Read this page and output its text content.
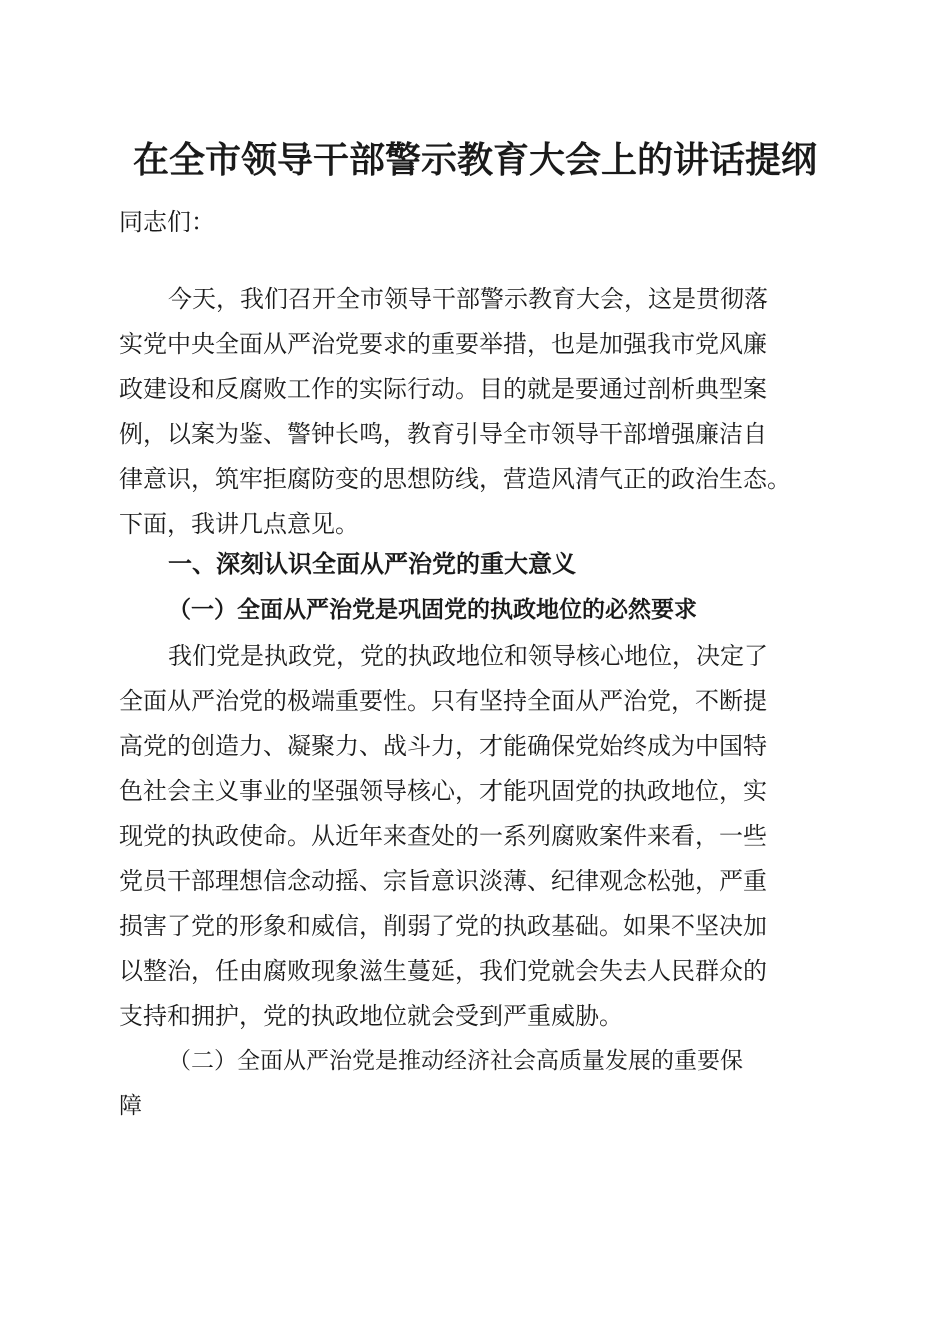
在全市领导干部警示教育大会上的讲话提纲

同志们：

今天，我们召开全市领导干部警示教育大会，这是贯彻落

实党中央全面从严治党要求的重要举措，也是加强我市党风廉

政建设和反腐败工作的实际行动。目的就是要通过剖析典型案

例，以案为鉴、警钟长鸣，教育引导全市领导干部增强廉洁自

律意识，筑牢拒腐防变的思想防线，营造风清气正的政治生态。

下面，我讲几点意见。

一、深刻认识全面从严治党的重大意义
（一）全面从严治党是巩固党的执政地位的必然要求

我们党是执政党，党的执政地位和领导核心地位，决定了

全面从严治党的极端重要性。只有坚持全面从严治党，不断提

高党的创造力、凝聚力、战斗力，才能确保党始终成为中国特

色社会主义事业的坚强领导核心，才能巩固党的执政地位，实

现党的执政使命。从近年来查处的一系列腐败案件来看，一些

党员干部理想信念动摇、宗旨意识淡薄、纪律观念松弛，严重

损害了党的形象和威信，削弱了党的执政基础。如果不坚决加

以整治，任由腐败现象滋生蔓延，我们党就会失去人民群众的

支持和拥护，党的执政地位就会受到严重威胁。

（二）全面从严治党是推动经济社会高质量发展的重要保

障
